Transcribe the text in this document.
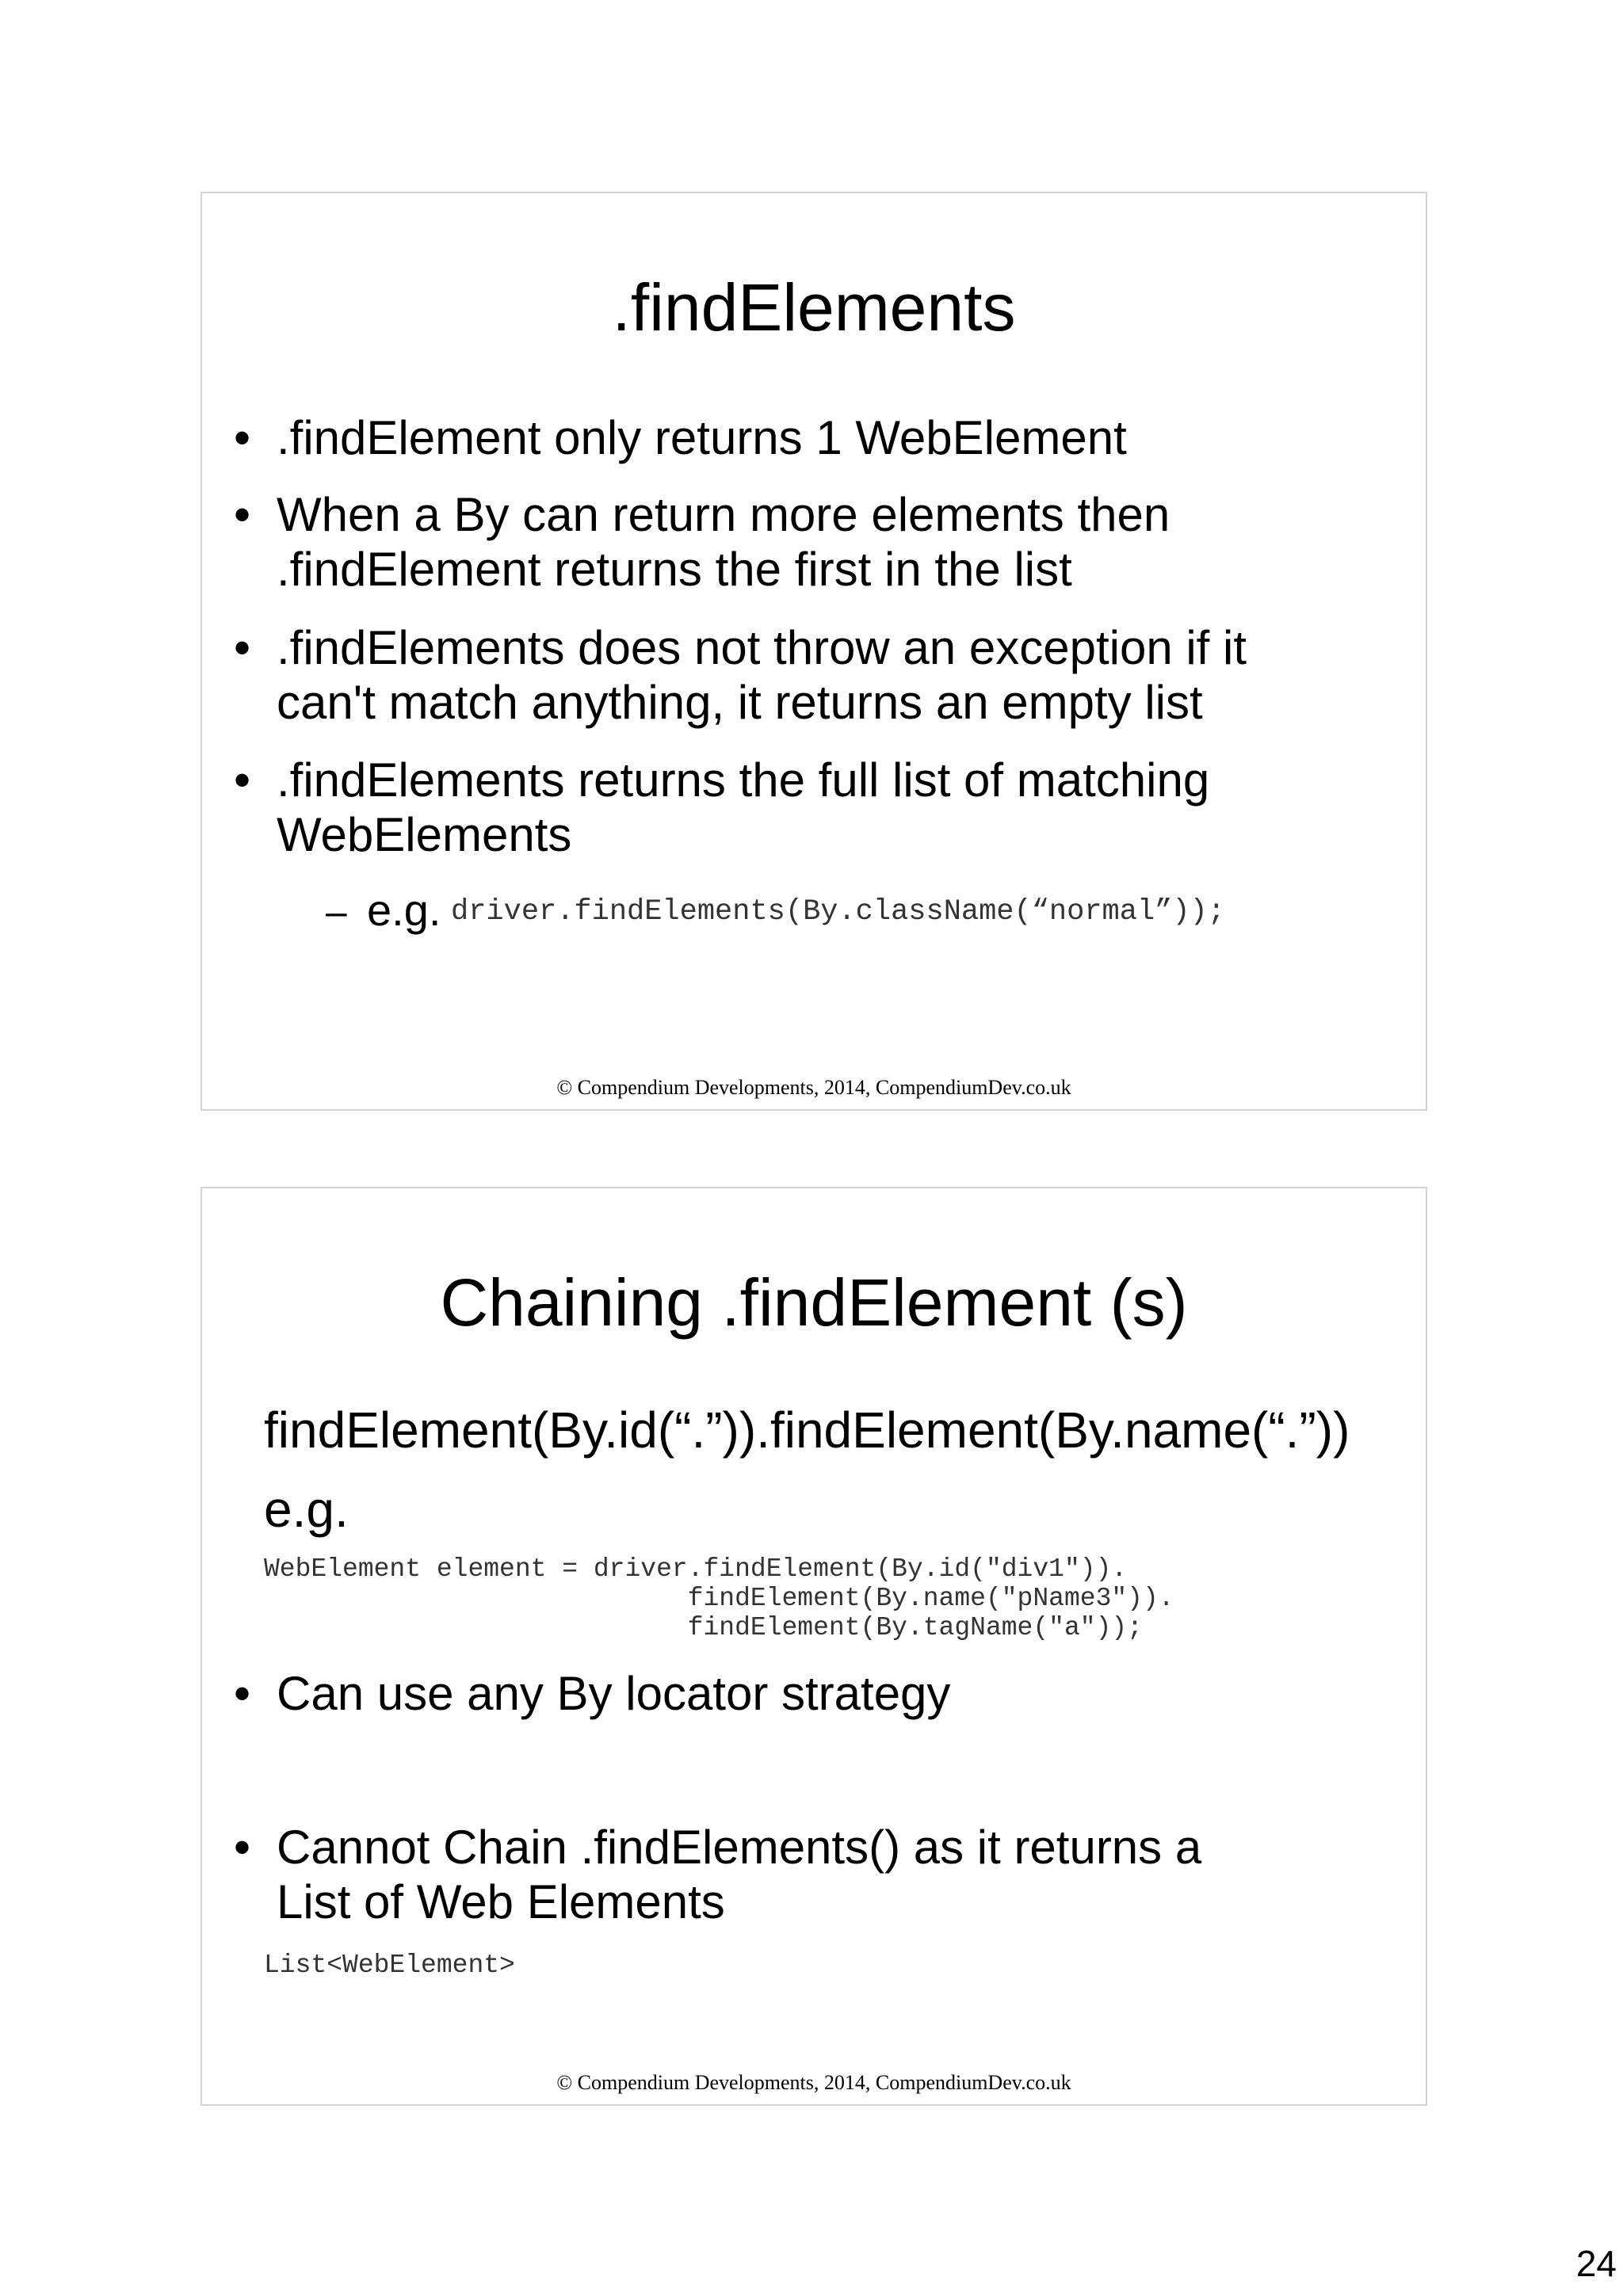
.findElements
• .findElement only returns 1 WebElement
• When a By can return more elements then
.findElement returns the first in the list
• .findElements does not throw an exception if it
can't match anything, it returns an empty list
• .findElements returns the full list of matching
WebElements
– e.g. driver.findElements(By.className(“normal”));
© Compendium Developments, 2014, CompendiumDev.co.uk
Chaining .findElement (s)
findElement(By.id(“.”)).findElement(By.name(“.”))
e.g.
WebElement element = driver.findElement(By.id("div1")).
findElement(By.name("pName3")).
findElement(By.tagName("a"));
• Can use any By locator strategy
• Cannot Chain .findElements() as it returns a
List of Web Elements
List<WebElement>
© Compendium Developments, 2014, CompendiumDev.co.uk
24
